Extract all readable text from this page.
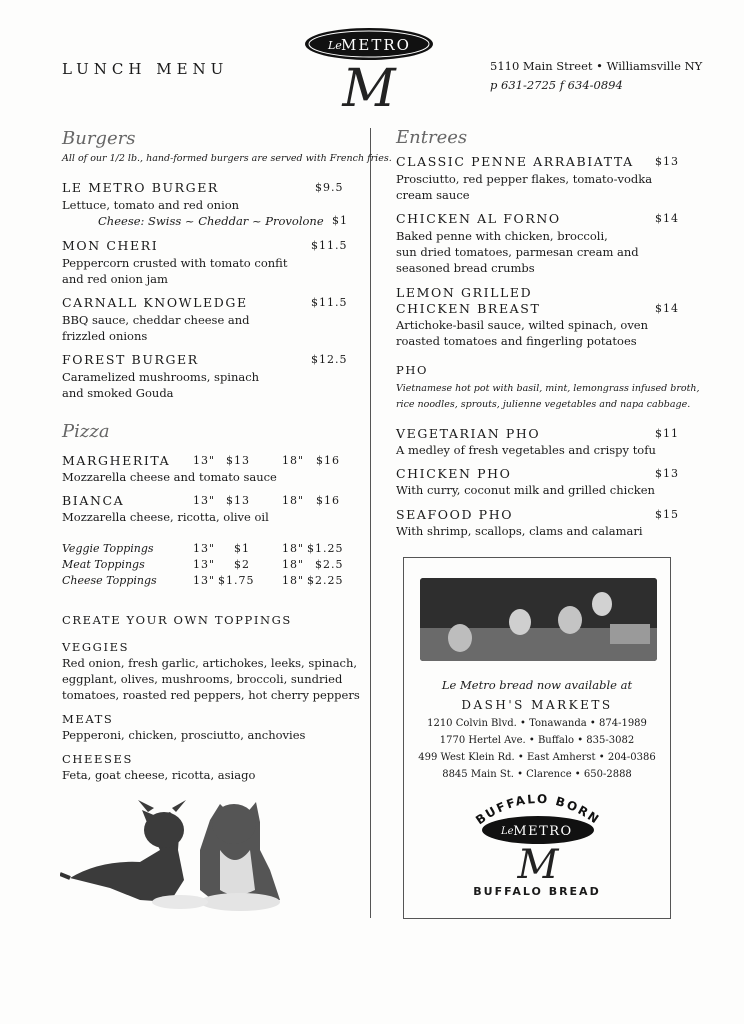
LUNCH MENU
Le METRO
M	5110 Main Street • Williamsville NY
p 631-2725 f 634-0894
Burgers
All of our 1/2 lb., hand-formed burgers are served with French fries.
LE METRO BURGER	$9.5
Lettuce, tomato and red onion
Cheese: Swiss ~ Cheddar ~ Provolone $1
MON CHERI	$11.5
Peppercorn crusted with tomato confit
and red onion jam
CARNALL KNOWLEDGE	$11.5
BBQ sauce, cheddar cheese and
frizzled onions
FOREST BURGER	$12.5
Caramelized mushrooms, spinach
and smoked Gouda
Pizza
MARGHERITA 13" $13	18" $16
Mozzarella cheese and tomato sauce
BIANCA	13" $13	18" $16
Mozzarella cheese, ricotta, olive oil
Veggie Toppings	13" $1	18" $1.25
Meat Toppings	13" $2	18" $2.5
Cheese Toppings	13" $1.75	18" $2.25
CREATE YOUR OWN TOPPINGS
VEGGIES
Red onion, fresh garlic, artichokes, leeks, spinach,
eggplant, olives, mushrooms, broccoli, sundried
tomatoes, roasted red peppers, hot cherry peppers
MEATS
Pepperoni, chicken, prosciutto, anchovies
CHEESES
Feta, goat cheese, ricotta, asiago
Entrees
CLASSIC PENNE ARRABIATTA $13
Prosciutto, red pepper flakes, tomato-vodka
cream sauce
CHICKEN AL FORNO	$14
Baked penne with chicken, broccoli,
sun dried tomatoes, parmesan cream and
seasoned bread crumbs
LEMON GRILLED
CHICKEN BREAST	$14
Artichoke-basil sauce, wilted spinach, oven
roasted tomatoes and fingerling potatoes
PHO
Vietnamese hot pot with basil, mint, lemongrass infused broth,
rice noodles, sprouts, julienne vegetables and napa cabbage.
VEGETARIAN PHO	$11
A medley of fresh vegetables and crispy tofu
CHICKEN PHO	$13
With curry, coconut milk and grilled chicken
SEAFOOD PHO	$15
With shrimp, scallops, clams and calamari
Le Metro bread now available at
DASH'S MARKETS
1210 Colvin Blvd. • Tonawanda • 874-1989
1770 Hertel Ave. • Buffalo • 835-3082
499 West Klein Rd. • East Amherst • 204-0386
8845 Main St. • Clarence • 650-2888
BUFFALO BORN
Le METRO
M
BUFFALO BREAD
